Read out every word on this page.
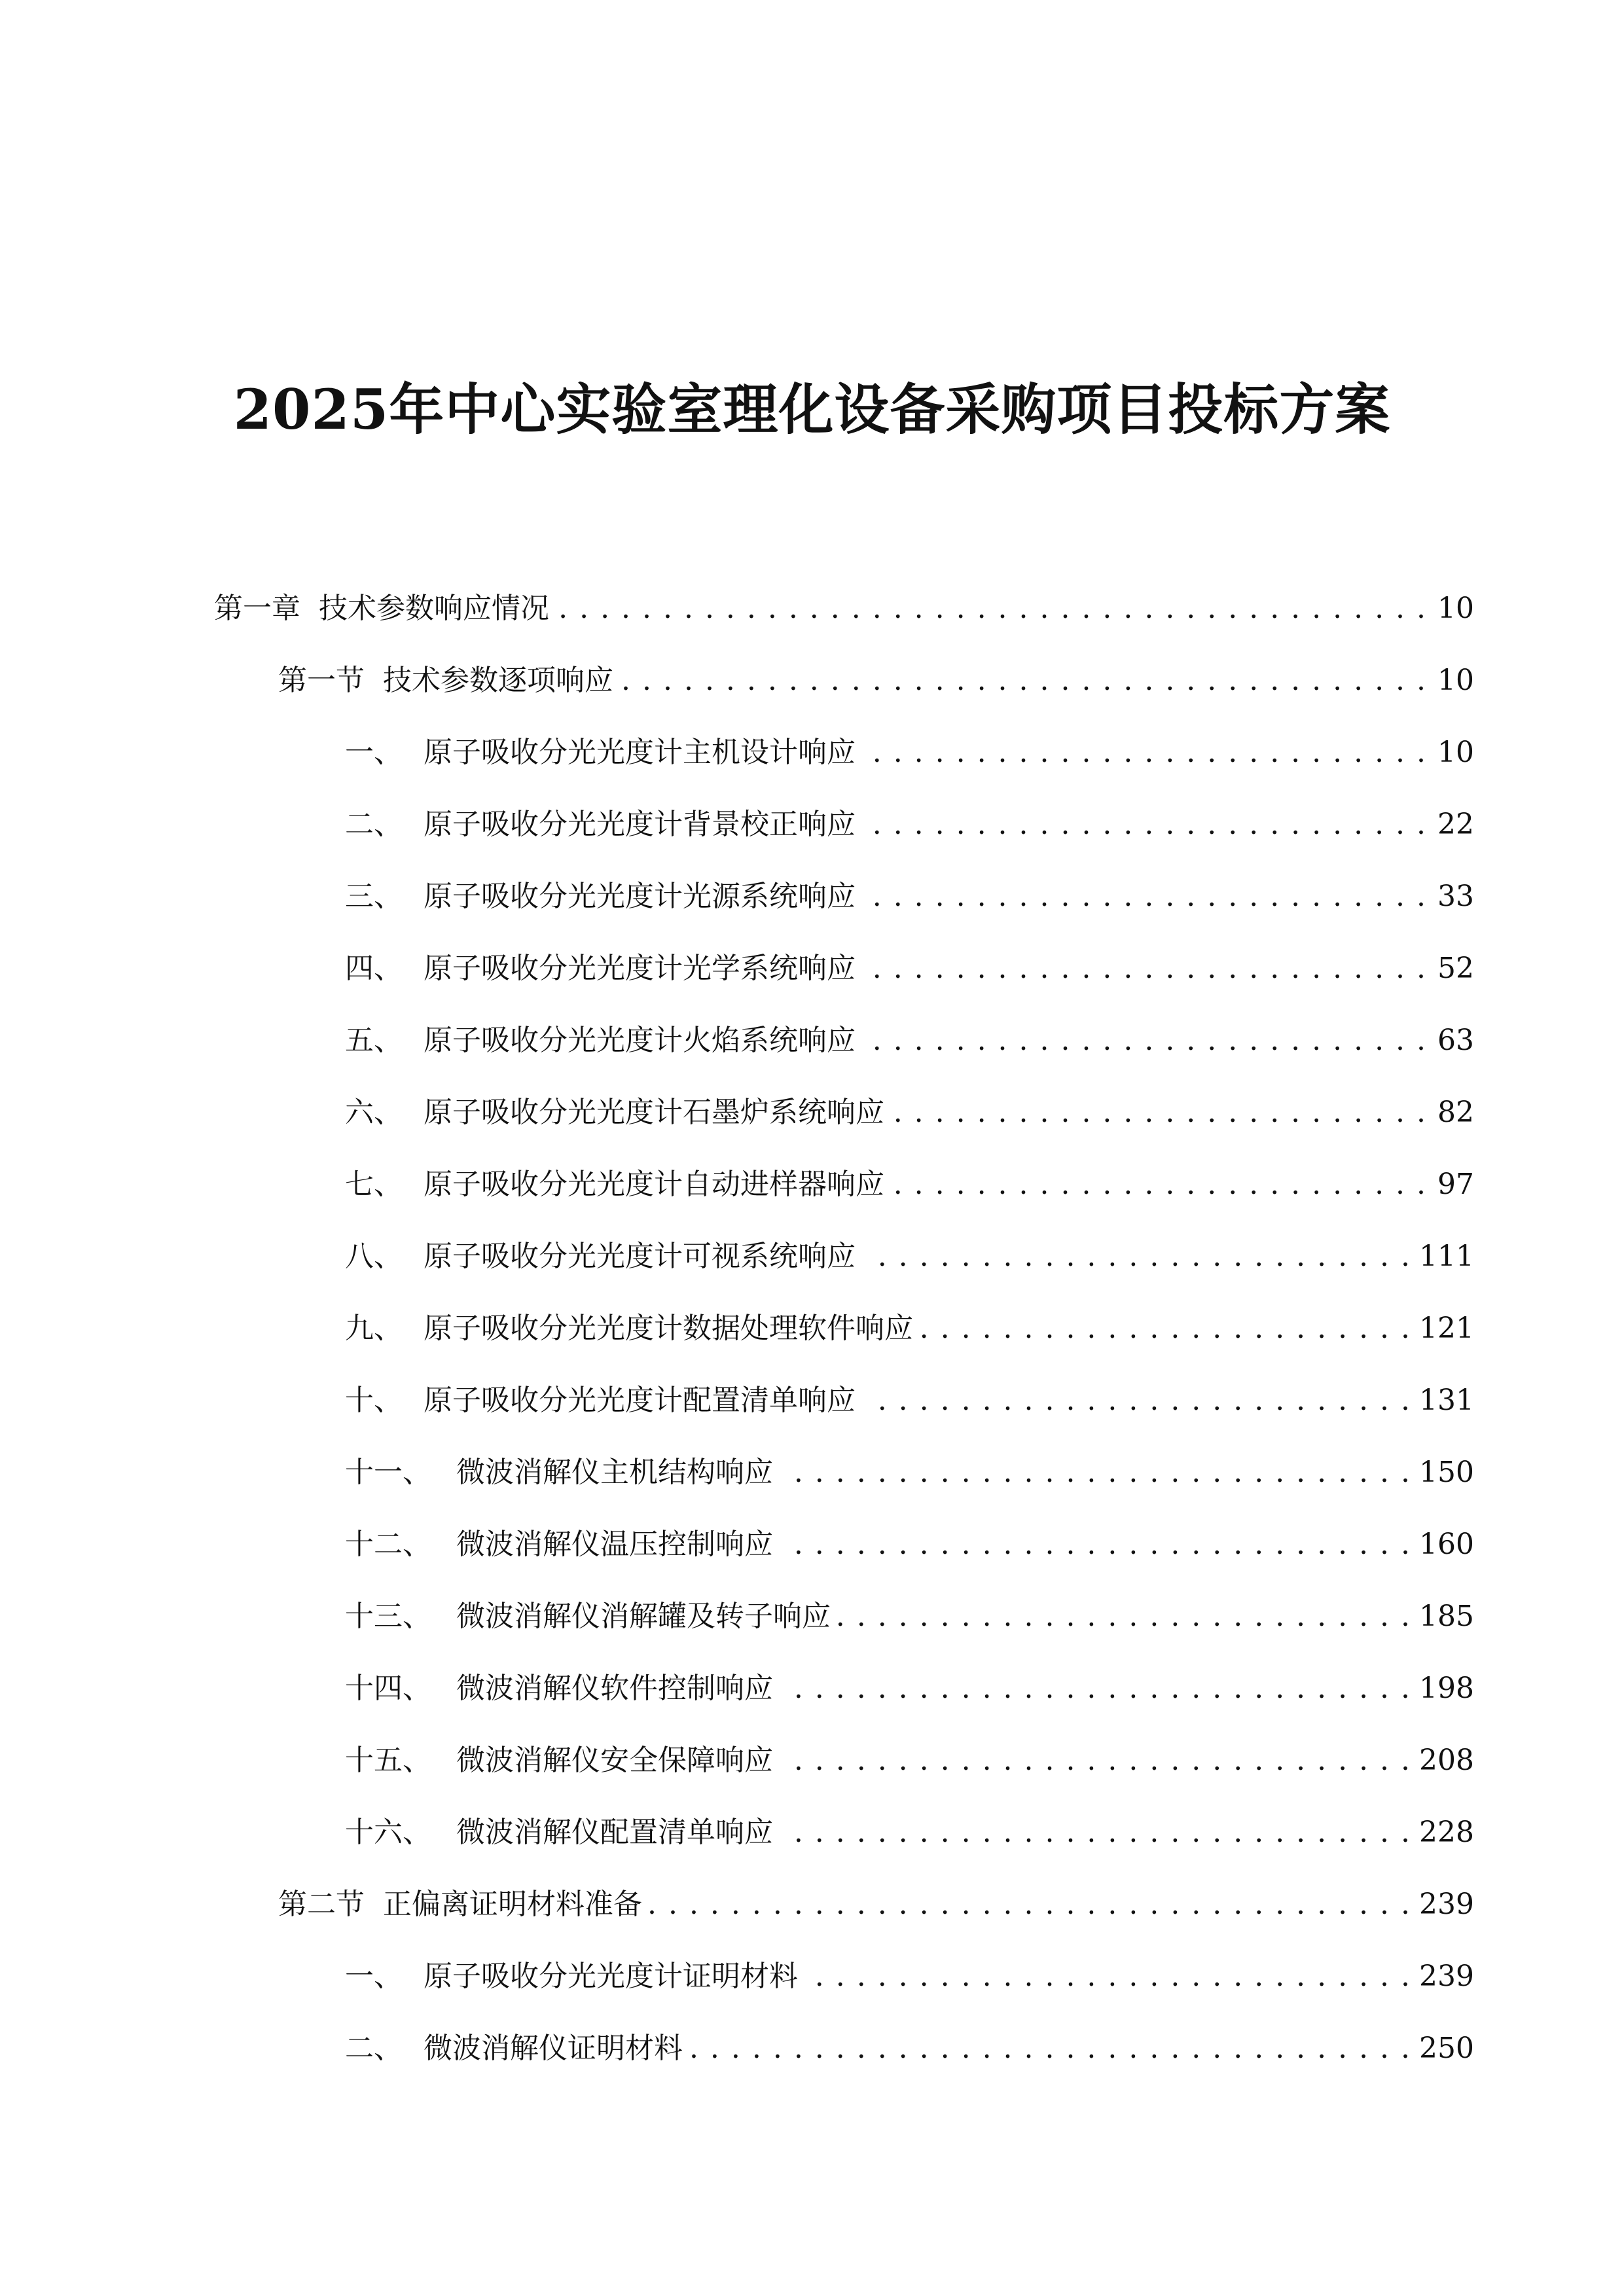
2025年中心实验室理化设备采购项目投标方案
第一章 技术参数响应情况 . . .	10
第一节 技术参数逐项响应 . . .	10
一、 原子吸收分光光度计主机设计响应 . . .	10
二、 原子吸收分光光度计背景校正响应 . . .	22
三、 原子吸收分光光度计光源系统响应 . . .	33
四、 原子吸收分光光度计光学系统响应 . . .	52
五、 原子吸收分光光度计火焰系统响应 . . .	63
六、 原子吸收分光光度计石墨炉系统响应 . . .	82
七、 原子吸收分光光度计自动进样器响应 . . .	97
八、 原子吸收分光光度计可视系统响应 . . .	111
九、 原子吸收分光光度计数据处理软件响应 . . .	121
十、 原子吸收分光光度计配置清单响应 . . .	131
十一、 微波消解仪主机结构响应 . . .	150
十二、 微波消解仪温压控制响应 . . .	160
十三、 微波消解仪消解罐及转子响应 . . .	185
十四、 微波消解仪软件控制响应 . . .	198
十五、 微波消解仪安全保障响应 . . .	208
十六、 微波消解仪配置清单响应 . . .	228
第二节 正偏离证明材料准备 . . .	239
一、 原子吸收分光光度计证明材料 . . .	239
二、 微波消解仪证明材料 . . .	250
